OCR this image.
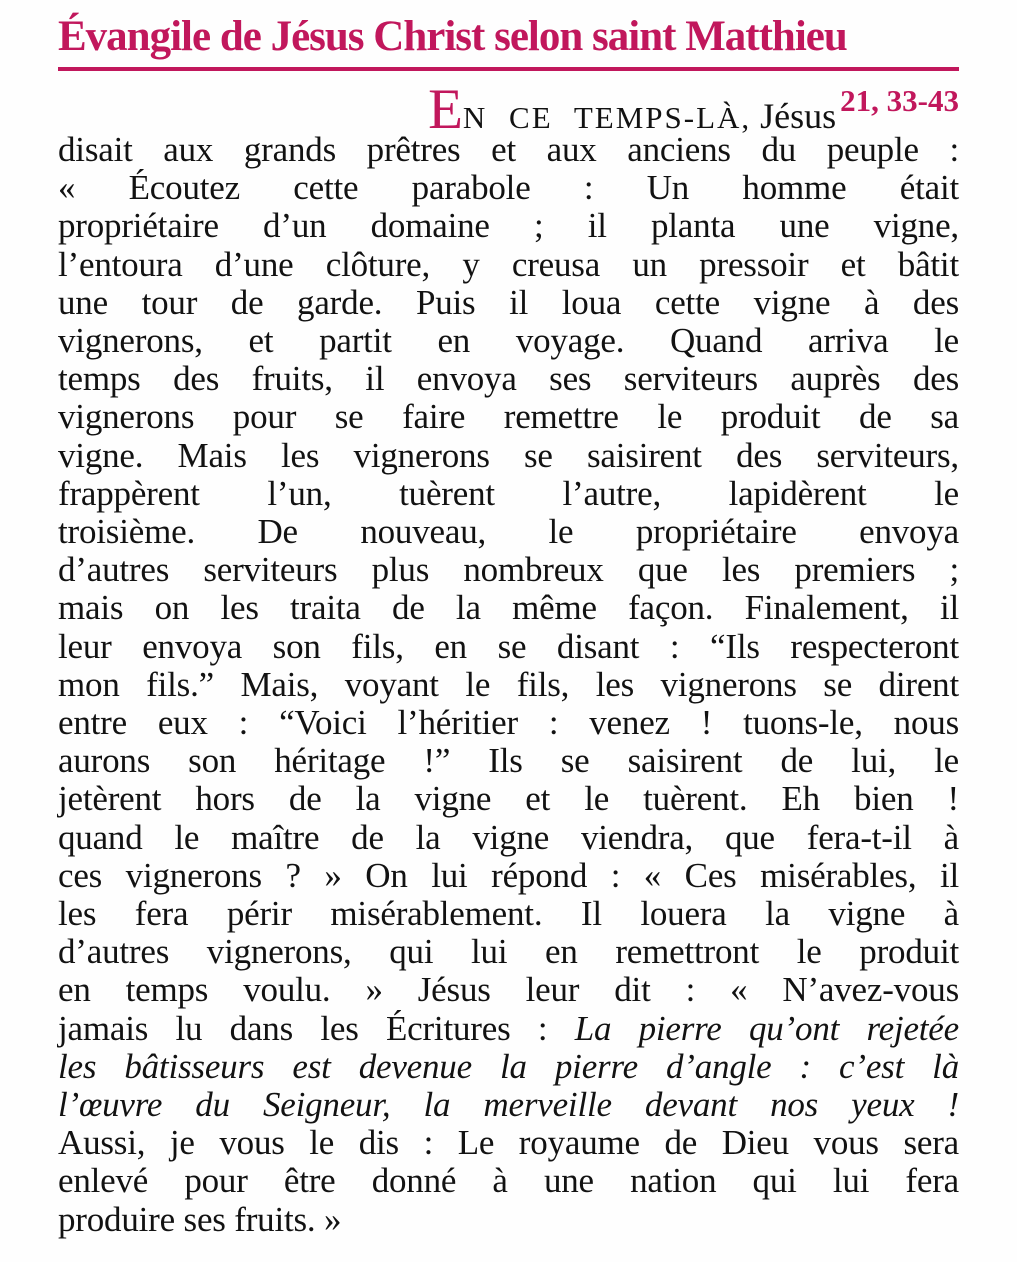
Évangile de Jésus Christ selon saint Matthieu
EN CE TEMPS-LÀ, Jésus 21, 33-43
disait aux grands prêtres et aux anciens du peuple :
« Écoutez cette parabole : Un homme était
propriétaire d’un domaine ; il planta une vigne,
l’entoura d’une clôture, y creusa un pressoir et bâtit
une tour de garde. Puis il loua cette vigne à des
vignerons, et partit en voyage. Quand arriva le
temps des fruits, il envoya ses serviteurs auprès des
vignerons pour se faire remettre le produit de sa
vigne. Mais les vignerons se saisirent des serviteurs,
frappèrent l’un, tuèrent l’autre, lapidèrent le
troisième. De nouveau, le propriétaire envoya
d’autres serviteurs plus nombreux que les premiers ;
mais on les traita de la même façon. Finalement, il
leur envoya son fils, en se disant : “Ils respecteront
mon fils.” Mais, voyant le fils, les vignerons se dirent
entre eux : “Voici l’héritier : venez ! tuons-le, nous
aurons son héritage !” Ils se saisirent de lui, le
jetèrent hors de la vigne et le tuèrent. Eh bien !
quand le maître de la vigne viendra, que fera-t-il à
ces vignerons ? » On lui répond : « Ces misérables, il
les fera périr misérablement. Il louera la vigne à
d’autres vignerons, qui lui en remettront le produit
en temps voulu. » Jésus leur dit : « N’avez-vous
jamais lu dans les Écritures : La pierre qu’ont rejetée
les bâtisseurs est devenue la pierre d’angle : c’est là
l’œuvre du Seigneur, la merveille devant nos yeux !
Aussi, je vous le dis : Le royaume de Dieu vous sera
enlevé pour être donné à une nation qui lui fera
produire ses fruits. »
